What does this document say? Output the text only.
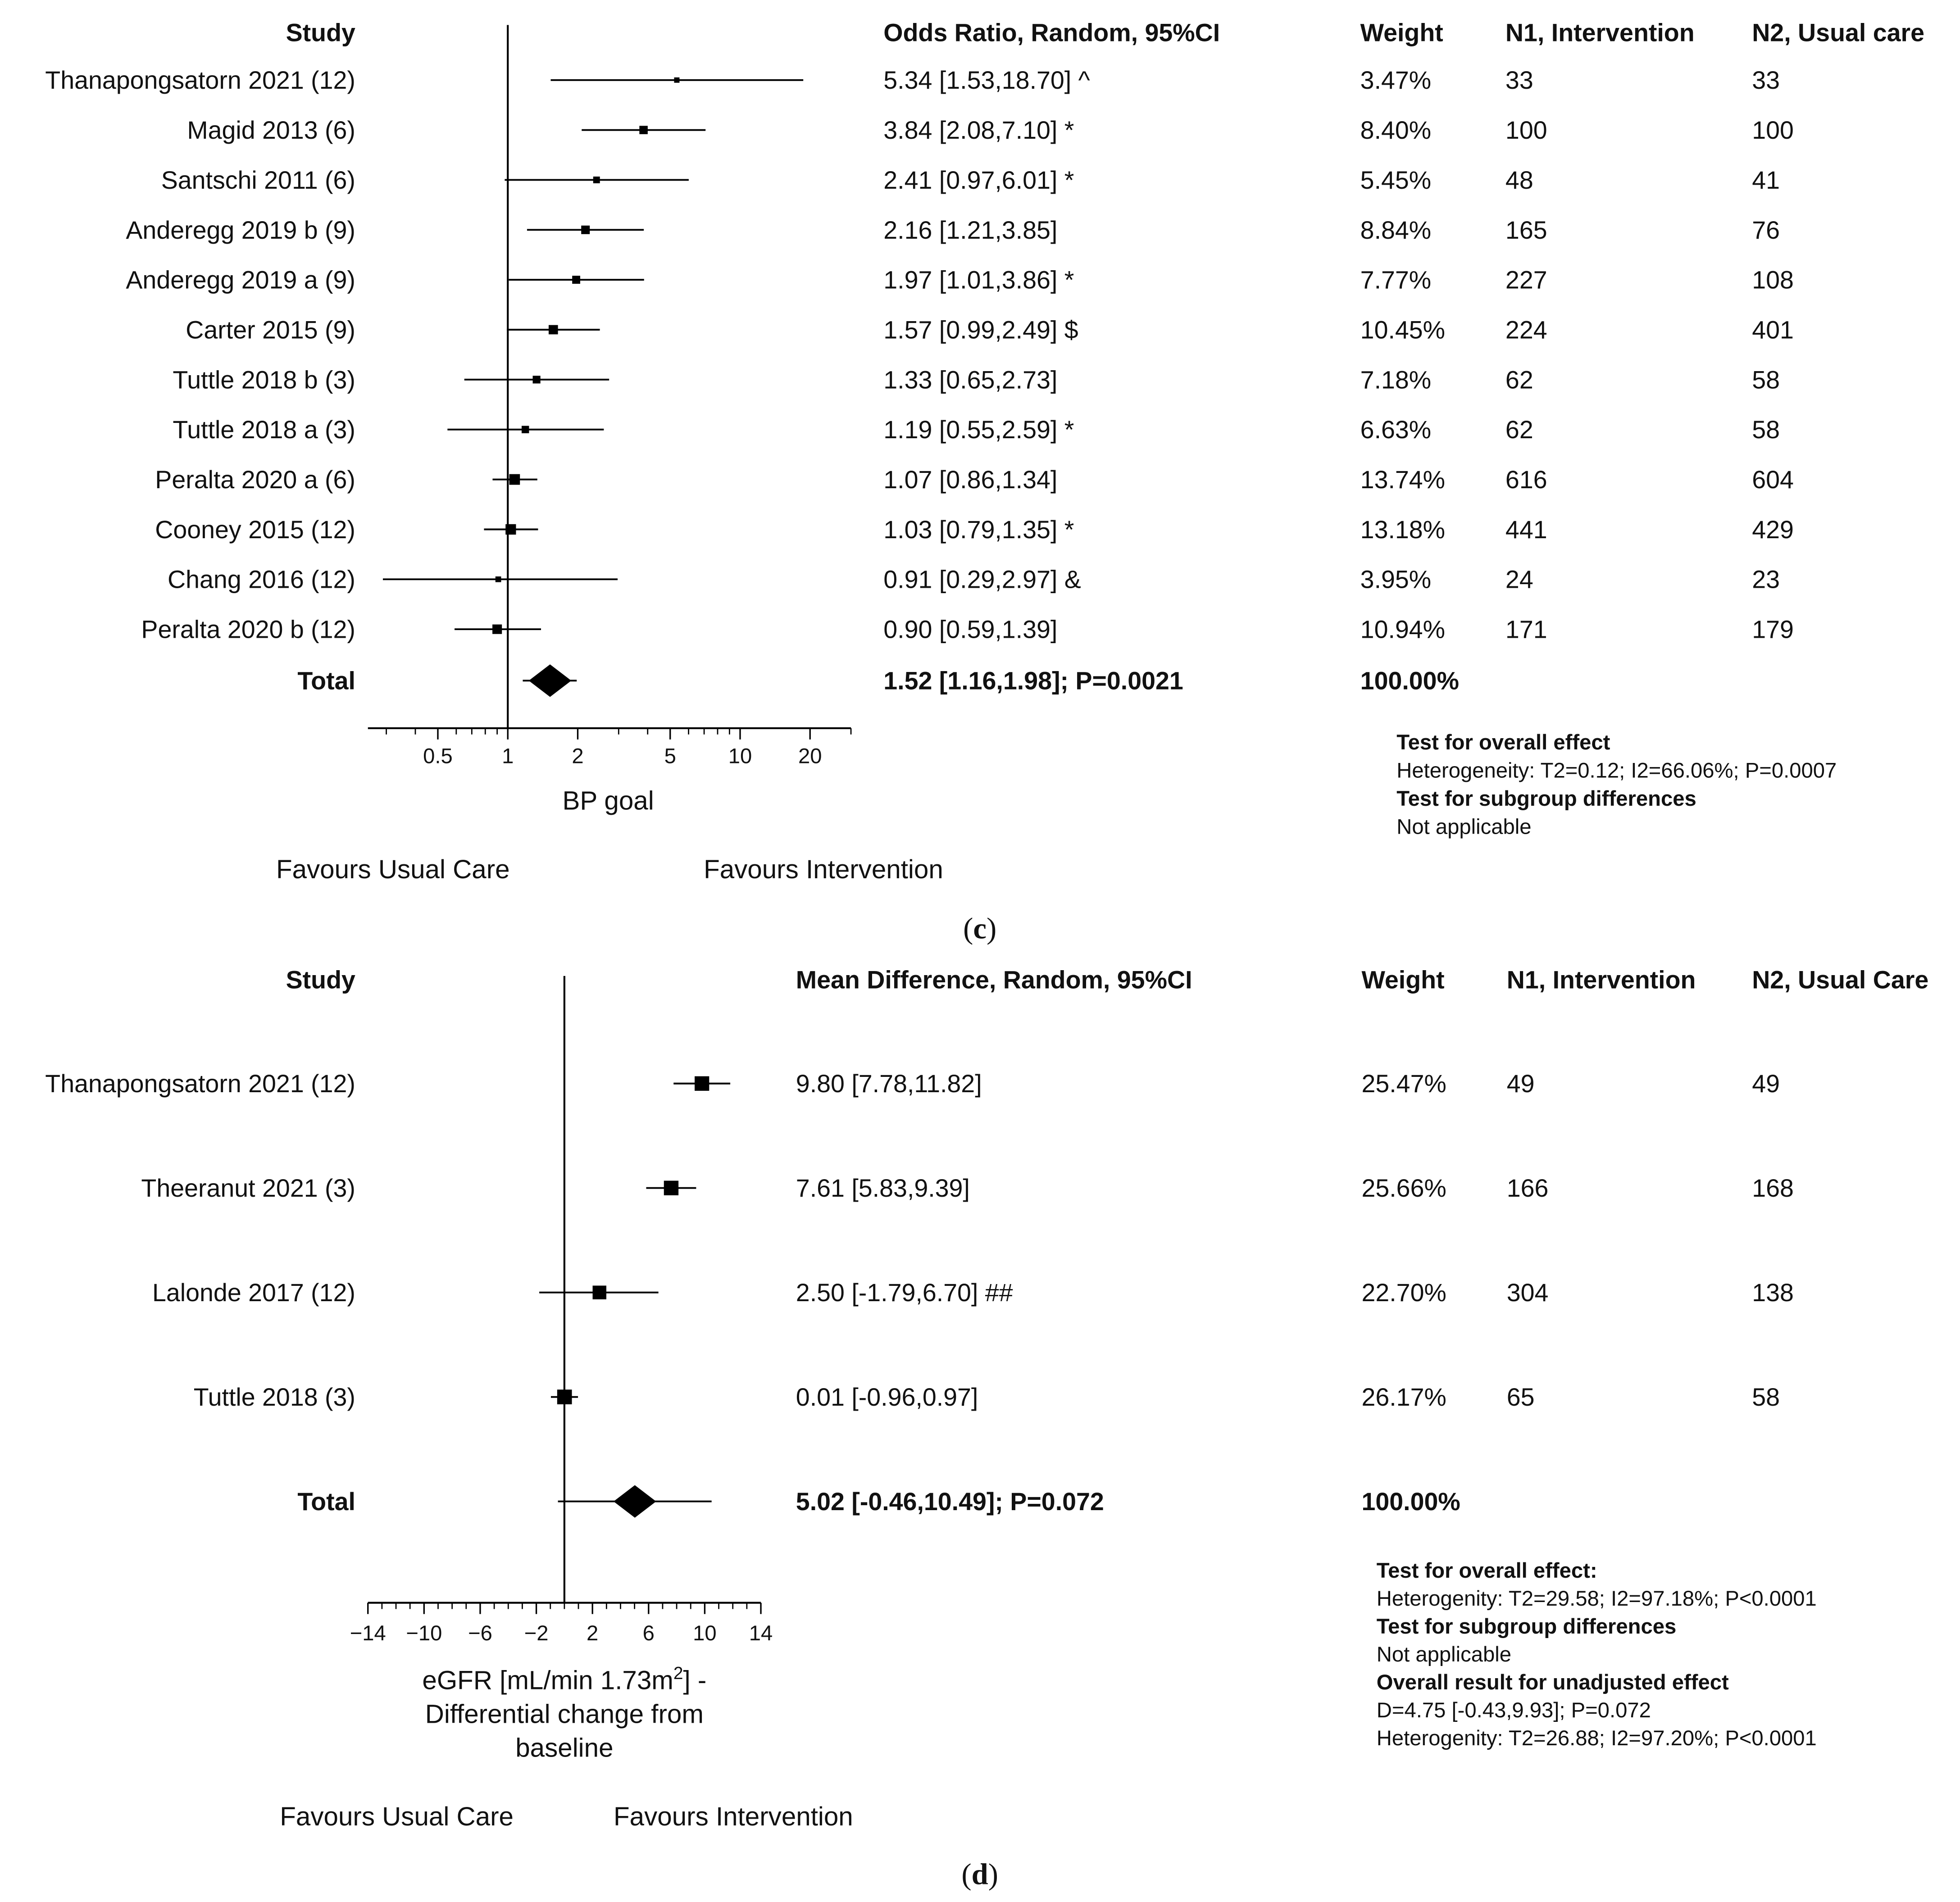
Study	Odds Ratio, Random, 95%CI	Weight	N1, Intervention	N2, Usual care
Thanapongsatorn 2021 (12)	5.34 [1.53,18.70] ^	3.47%	33	33
Magid 2013 (6)	3.84 [2.08,7.10] *	8.40%	100	100
Santschi 2011 (6)	2.41 [0.97,6.01] *	5.45%	48	41
Anderegg 2019 b (9)	2.16 [1.21,3.85]	8.84%	165	76
Anderegg 2019 a (9)	1.97 [1.01,3.86] *	7.77%	227	108
Carter 2015 (9)	1.57 [0.99,2.49] $	10.45%	224	401
Tuttle 2018 b (3)	1.33 [0.65,2.73]	7.18%	62	58
Tuttle 2018 a (3)	1.19 [0.55,2.59] *	6.63%	62	58
Peralta 2020 a (6)	1.07 [0.86,1.34]	13.74%	616	604
Cooney 2015 (12)	1.03 [0.79,1.35] *	13.18%	441	429
Chang 2016 (12)	0.91 [0.29,2.97] &	3.95%	24	23
Peralta 2020 b (12)	0.90 [0.59,1.39]	10.94%	171	179
Total	1.52 [1.16,1.98]; P=0.0021	100.00%
0.5	1	2	5	10	20
BP goal
Favours Usual Care	Favours Intervention
Test for overall effect
Heterogeneity: T2=0.12; I2=66.06%; P=0.0007
Test for subgroup differences
Not applicable
(c)
Study	Mean Difference, Random, 95%CI	Weight	N1, Intervention	N2, Usual Care
Thanapongsatorn 2021 (12)	9.80 [7.78,11.82]	25.47%	49	49
Theeranut 2021 (3)	7.61 [5.83,9.39]	25.66%	166	168
Lalonde 2017 (12)	2.50 [-1.79,6.70] ##	22.70%	304	138
Tuttle 2018 (3)	0.01 [-0.96,0.97]	26.17%	65	58
Total	5.02 [-0.46,10.49]; P=0.072	100.00%
−14	−10	−6	−2	2	6	10	14
eGFR [mL/min $1.73m^2$] -
Differential change from
baseline
Favours Usual Care	Favours Intervention
Test for overall effect:
Heterogenity: T2=29.58; I2=97.18%; P<0.0001
Test for subgroup differences
Not applicable
Overall result for unadjusted effect
D=4.75 [-0.43,9.93]; P=0.072
Heterogenity: T2=26.88; I2=97.20%; P<0.0001
(d)
